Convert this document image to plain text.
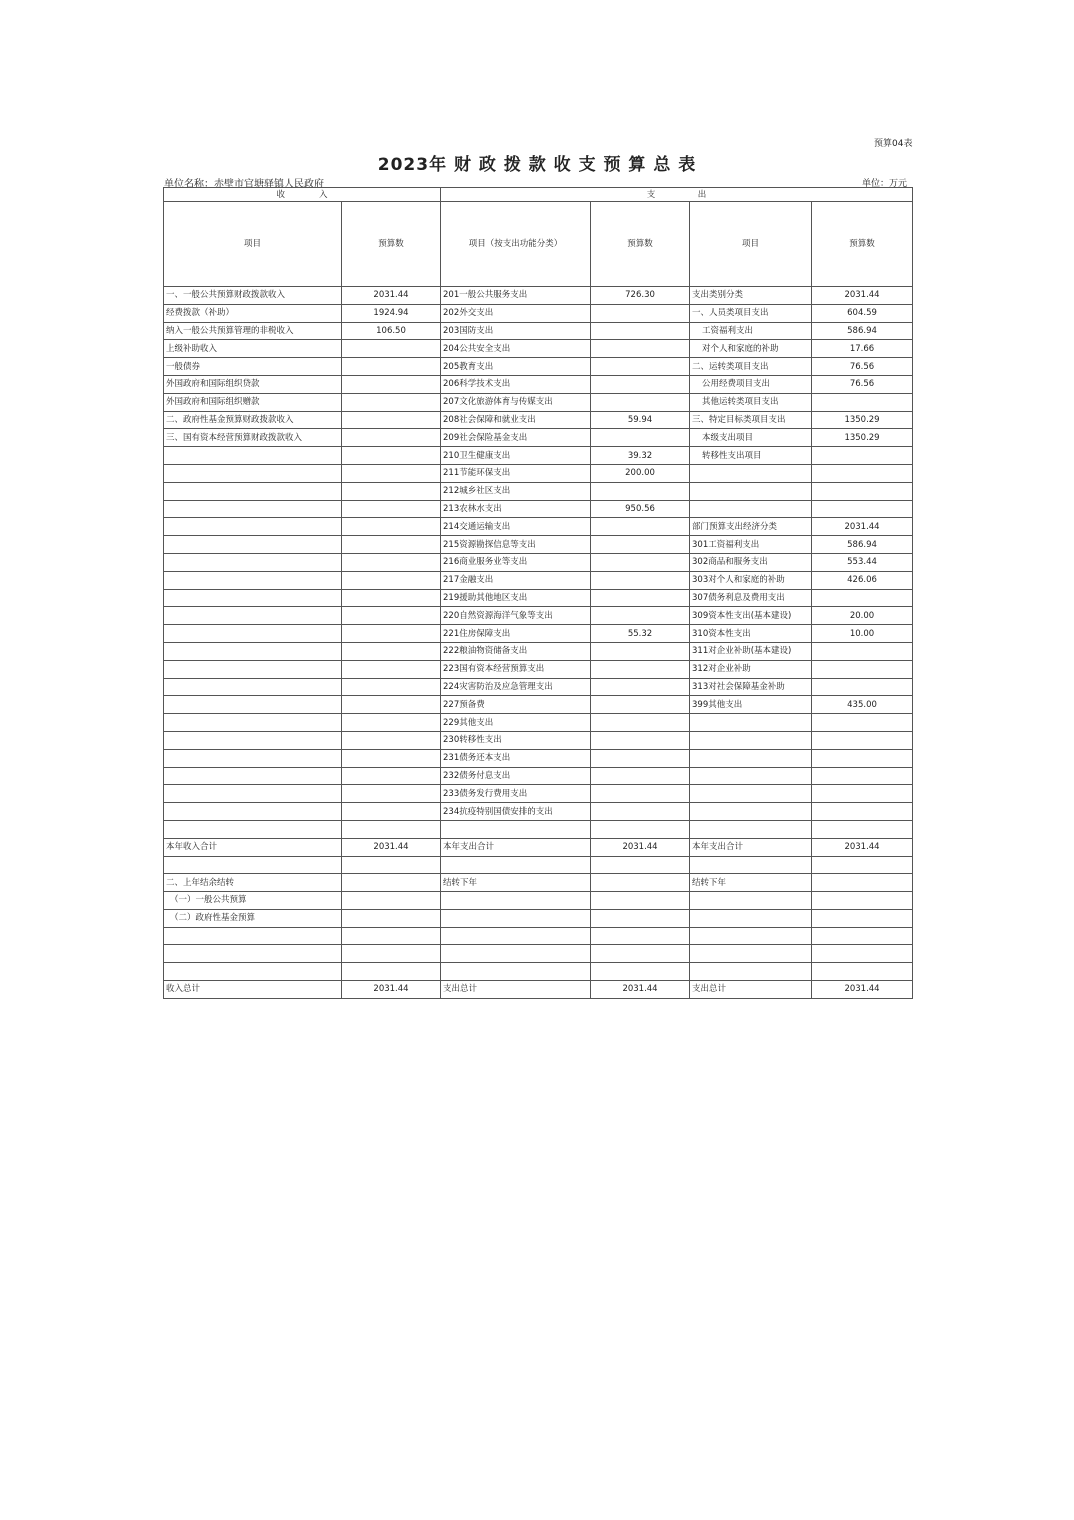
预算04表
2023年 财 政 拨 款 收 支 预 算 总 表
单位名称：赤壁市官塘驿镇人民政府	单位：万元
收　　　　入		支　　　　　出			
项目	预算数	项目（按支出功能分类）	预算数	项目	预算数
一、一般公共预算财政拨款收入	2031.44	201一般公共服务支出	726.30	支出类别分类	2031.44
经费拨款（补助）	1924.94	202外交支出		一、人员类项目支出	604.59
纳入一般公共预算管理的非税收入	106.50	203国防支出		工资福利支出	586.94
上级补助收入		204公共安全支出		对个人和家庭的补助	17.66
一般债券		205教育支出		二、运转类项目支出	76.56
外国政府和国际组织贷款		206科学技术支出		公用经费项目支出	76.56
外国政府和国际组织赠款		207文化旅游体育与传媒支出		其他运转类项目支出	
二、政府性基金预算财政拨款收入		208社会保障和就业支出	59.94	三、特定目标类项目支出	1350.29
三、国有资本经营预算财政拨款收入		209社会保险基金支出		本级支出项目	1350.29
		210卫生健康支出	39.32	转移性支出项目	
		211节能环保支出	200.00		
		212城乡社区支出			
		213农林水支出	950.56		
		214交通运输支出		部门预算支出经济分类	2031.44
		215资源勘探信息等支出		301工资福利支出	586.94
		216商业服务业等支出		302商品和服务支出	553.44
		217金融支出		303对个人和家庭的补助	426.06
		219援助其他地区支出		307债务利息及费用支出	
		220自然资源海洋气象等支出		309资本性支出(基本建设)	20.00
		221住房保障支出	55.32	310资本性支出	10.00
		222粮油物资储备支出		311对企业补助(基本建设)	
		223国有资本经营预算支出		312对企业补助	
		224灾害防治及应急管理支出		313对社会保障基金补助	
		227预备费		399其他支出	435.00
		229其他支出			
		230转移性支出			
		231债务还本支出			
		232债务付息支出			
		233债务发行费用支出			
		234抗疫特别国债安排的支出			

本年收入合计	2031.44	本年支出合计	2031.44	本年支出合计	2031.44

二、上年结余结转		结转下年		结转下年	
（一）一般公共预算					
（二）政府性基金预算					

收入总计	2031.44	支出总计	2031.44	支出总计	2031.44
